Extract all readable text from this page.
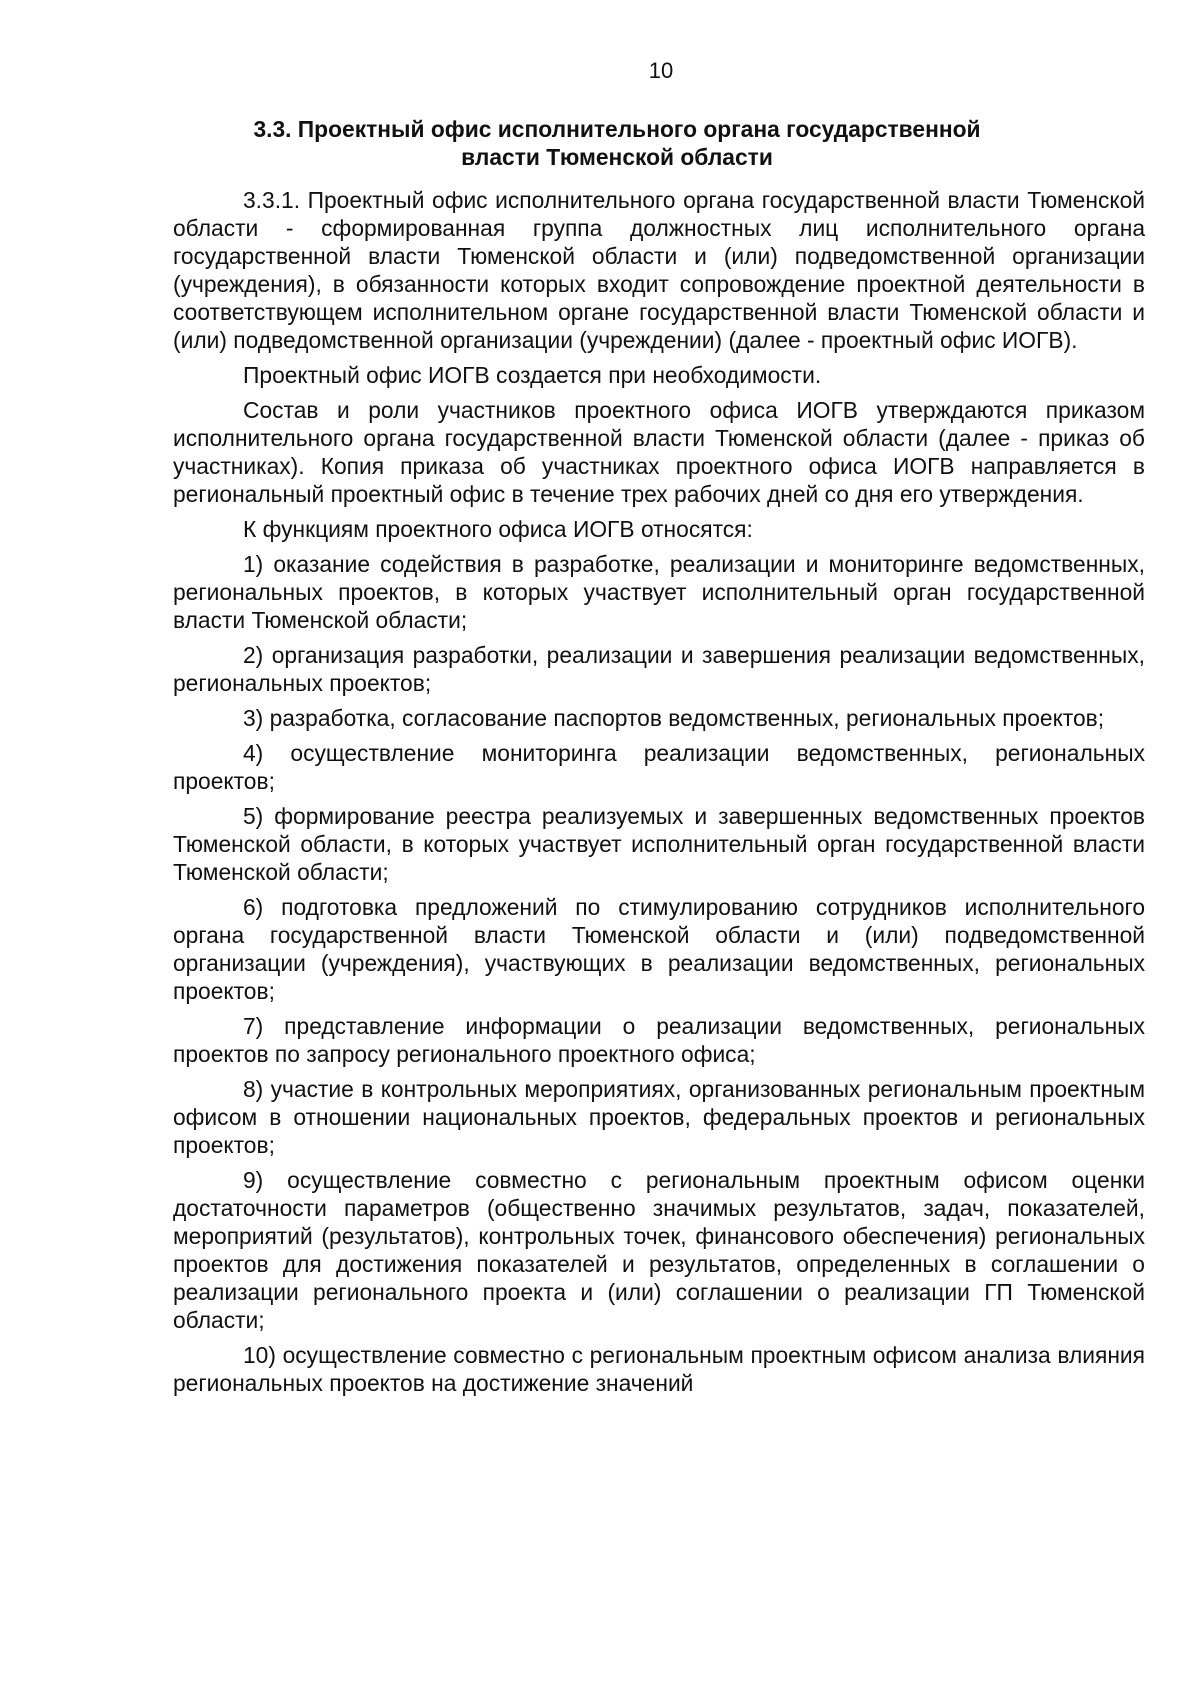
10
3.3. Проектный офис исполнительного органа государственной власти Тюменской области

3.3.1. Проектный офис исполнительного органа государственной власти Тюменской области - сформированная группа должностных лиц исполнительного органа государственной власти Тюменской области и (или) подведомственной организации (учреждения), в обязанности которых входит сопровождение проектной деятельности в соответствующем исполнительном органе государственной власти Тюменской области и (или) подведомственной организации (учреждении) (далее - проектный офис ИОГВ).

Проектный офис ИОГВ создается при необходимости.

Состав и роли участников проектного офиса ИОГВ утверждаются приказом исполнительного органа государственной власти Тюменской области (далее - приказ об участниках). Копия приказа об участниках проектного офиса ИОГВ направляется в региональный проектный офис в течение трех рабочих дней со дня его утверждения.

К функциям проектного офиса ИОГВ относятся:

1) оказание содействия в разработке, реализации и мониторинге ведомственных, региональных проектов, в которых участвует исполнительный орган государственной власти Тюменской области;

2) организация разработки, реализации и завершения реализации ведомственных, региональных проектов;

3) разработка, согласование паспортов ведомственных, региональных проектов;

4) осуществление мониторинга реализации ведомственных, региональных проектов;

5) формирование реестра реализуемых и завершенных ведомственных проектов Тюменской области, в которых участвует исполнительный орган государственной власти Тюменской области;

6) подготовка предложений по стимулированию сотрудников исполнительного органа государственной власти Тюменской области и (или) подведомственной организации (учреждения), участвующих в реализации ведомственных, региональных проектов;

7) представление информации о реализации ведомственных, региональных проектов по запросу регионального проектного офиса;

8) участие в контрольных мероприятиях, организованных региональным проектным офисом в отношении национальных проектов, федеральных проектов и региональных проектов;

9) осуществление совместно с региональным проектным офисом оценки достаточности параметров (общественно значимых результатов, задач, показателей, мероприятий (результатов), контрольных точек, финансового обеспечения) региональных проектов для достижения показателей и результатов, определенных в соглашении о реализации регионального проекта и (или) соглашении о реализации ГП Тюменской области;

10) осуществление совместно с региональным проектным офисом анализа влияния региональных проектов на достижение значений
